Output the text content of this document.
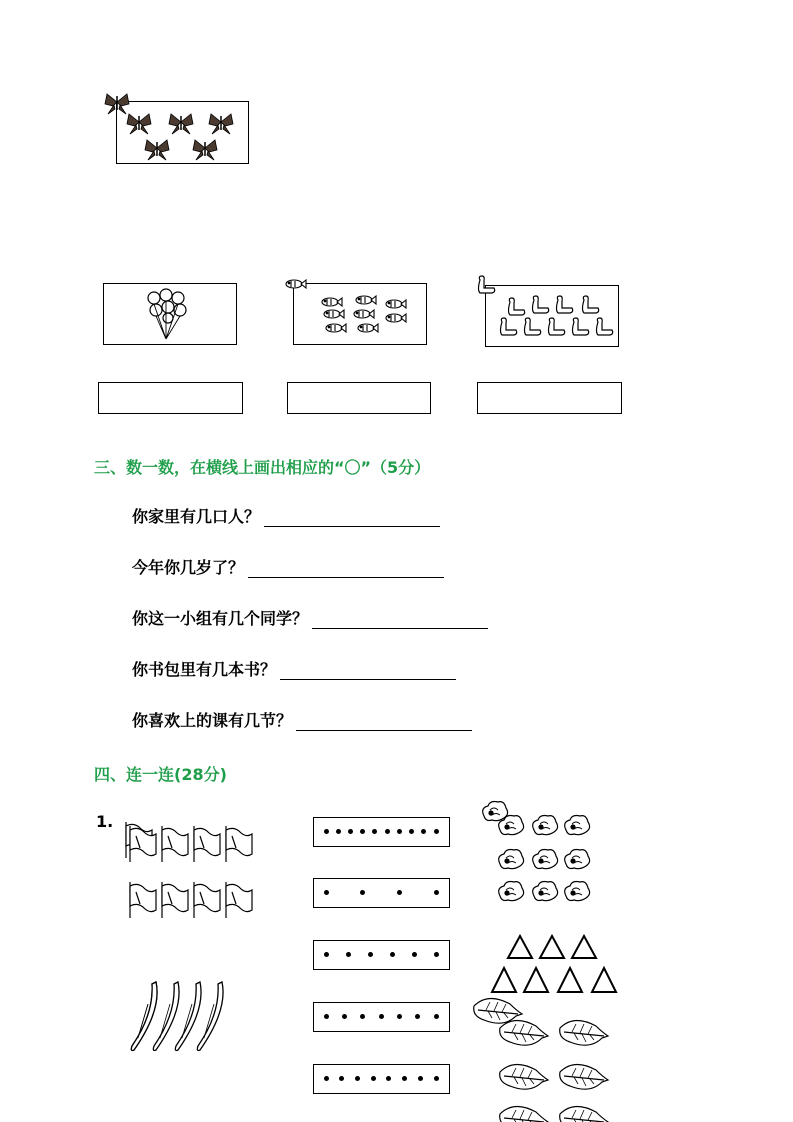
三、数一数，在横线上画出相应的“〇”（5分）
你家里有几口人？
今年你几岁了？
你这一小组有几个同学？
你书包里有几本书？
你喜欢上的课有几节？
四、连一连(28分)
1.
